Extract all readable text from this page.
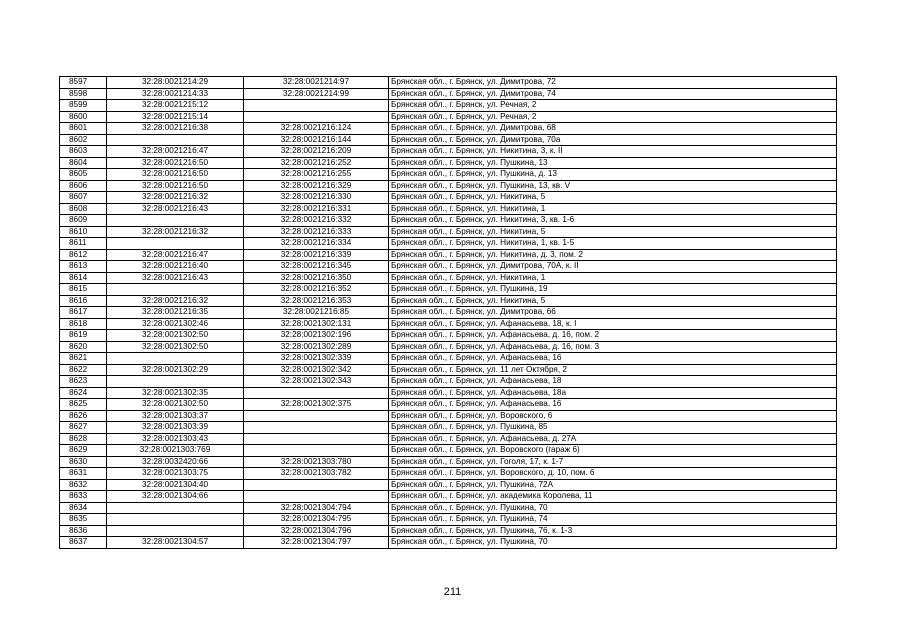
8597	32:28:0021214:29	32:28:0021214:97	Брянская обл., г. Брянск, ул. Димитрова, 72
8598	32:28:0021214:33	32:28:0021214:99	Брянская обл., г. Брянск, ул. Димитрова, 74
8599	32:28:0021215:12		Брянская обл., г. Брянск, ул. Речная, 2
8600	32:28:0021215:14		Брянская обл., г. Брянск, ул. Речная, 2
8601	32:28:0021216:38	32:28:0021216:124	Брянская обл., г. Брянск, ул. Димитрова, 68
8602		32:28:0021216:144	Брянская обл., г. Брянск, ул. Димитрова, 70а
8603	32:28:0021216:47	32:28:0021216:209	Брянская обл., г. Брянск, ул. Никитина, 3, к. II
8604	32:28:0021216:50	32:28:0021216:252	Брянская обл., г. Брянск, ул. Пушкина, 13
8605	32:28:0021216:50	32:28:0021216:255	Брянская обл., г. Брянск, ул. Пушкина, д. 13
8606	32:28:0021216:50	32:28:0021216:329	Брянская обл., г. Брянск, ул. Пушкина, 13, кв. V
8607	32:28:0021216:32	32:28:0021216:330	Брянская обл., г. Брянск, ул. Никитина, 5
8608	32:28:0021216:43	32:28:0021216:331	Брянская обл., г. Брянск, ул. Никитина, 1
8609		32:28:0021216:332	Брянская обл., г. Брянск, ул. Никитина, 3, кв. 1-6
8610	32:28:0021216:32	32:28:0021216:333	Брянская обл., г. Брянск, ул. Никитина, 5
8611		32:28:0021216:334	Брянская обл., г. Брянск, ул. Никитина, 1, кв. 1-5
8612	32:28:0021216:47	32:28:0021216:339	Брянская обл., г. Брянск, ул. Никитина, д. 3, пом. 2
8613	32:28:0021216:40	32:28:0021216:345	Брянская обл., г. Брянск, ул. Димитрова, 70А, к. II
8614	32:28:0021216:43	32:28:0021216:350	Брянская обл., г. Брянск, ул. Никитина, 1
8615		32:28:0021216:352	Брянская обл., г. Брянск, ул. Пушкина, 19
8616	32:28:0021216:32	32:28:0021216:353	Брянская обл., г. Брянск, ул. Никитина, 5
8617	32:28:0021216:35	32:28:0021216:85	Брянская обл., г. Брянск, ул. Димитрова, 66
8618	32:28:0021302:46	32:28:0021302:131	Брянская обл., г. Брянск, ул. Афанасьева, 18, к. I
8619	32:28:0021302:50	32:28:0021302:196	Брянская обл., г. Брянск, ул. Афанасьева, д. 16, пом. 2
8620	32:28:0021302:50	32:28:0021302:289	Брянская обл., г. Брянск, ул. Афанасьева, д. 16, пом. 3
8621		32:28:0021302:339	Брянская обл., г. Брянск, ул. Афанасьева, 16
8622	32:28:0021302:29	32:28:0021302:342	Брянская обл., г. Брянск, ул. 11 лет Октября, 2
8623		32:28:0021302:343	Брянская обл., г. Брянск, ул. Афанасьева, 18
8624	32:28:0021302:35		Брянская обл., г. Брянск, ул. Афанасьева, 18а
8625	32:28:0021302:50	32:28:0021302:375	Брянская обл., г. Брянск, ул. Афанасьева, 16
8626	32:28:0021303:37		Брянская обл., г. Брянск, ул. Воровского, 6
8627	32:28:0021303:39		Брянская обл., г. Брянск, ул. Пушкина, 85
8628	32:28:0021303:43		Брянская обл., г. Брянск, ул. Афанасьева, д. 27А
8629	32:28:0021303:769		Брянская обл., г. Брянск, ул. Воровского (гараж 6)
8630	32:28:0032420:66	32:28:0021303:780	Брянская обл., г. Брянск, ул. Гоголя, 17, к. 1-7
8631	32:28:0021303:75	32:28:0021303:782	Брянская обл., г. Брянск, ул. Воровского, д. 10, пом. 6
8632	32:28:0021304:40		Брянская обл., г. Брянск, ул. Пушкина, 72А
8633	32:28:0021304:66		Брянская обл., г. Брянск, ул. академика Королева, 11
8634		32:28:0021304:794	Брянская обл., г. Брянск, ул. Пушкина, 70
8635		32:28:0021304:795	Брянская обл., г. Брянск, ул. Пушкина, 74
8636		32:28:0021304:796	Брянская обл., г. Брянск, ул. Пушкина, 76, к. 1-3
8637	32:28:0021304:57	32:28:0021304:797	Брянская обл., г. Брянск, ул. Пушкина, 70
211
